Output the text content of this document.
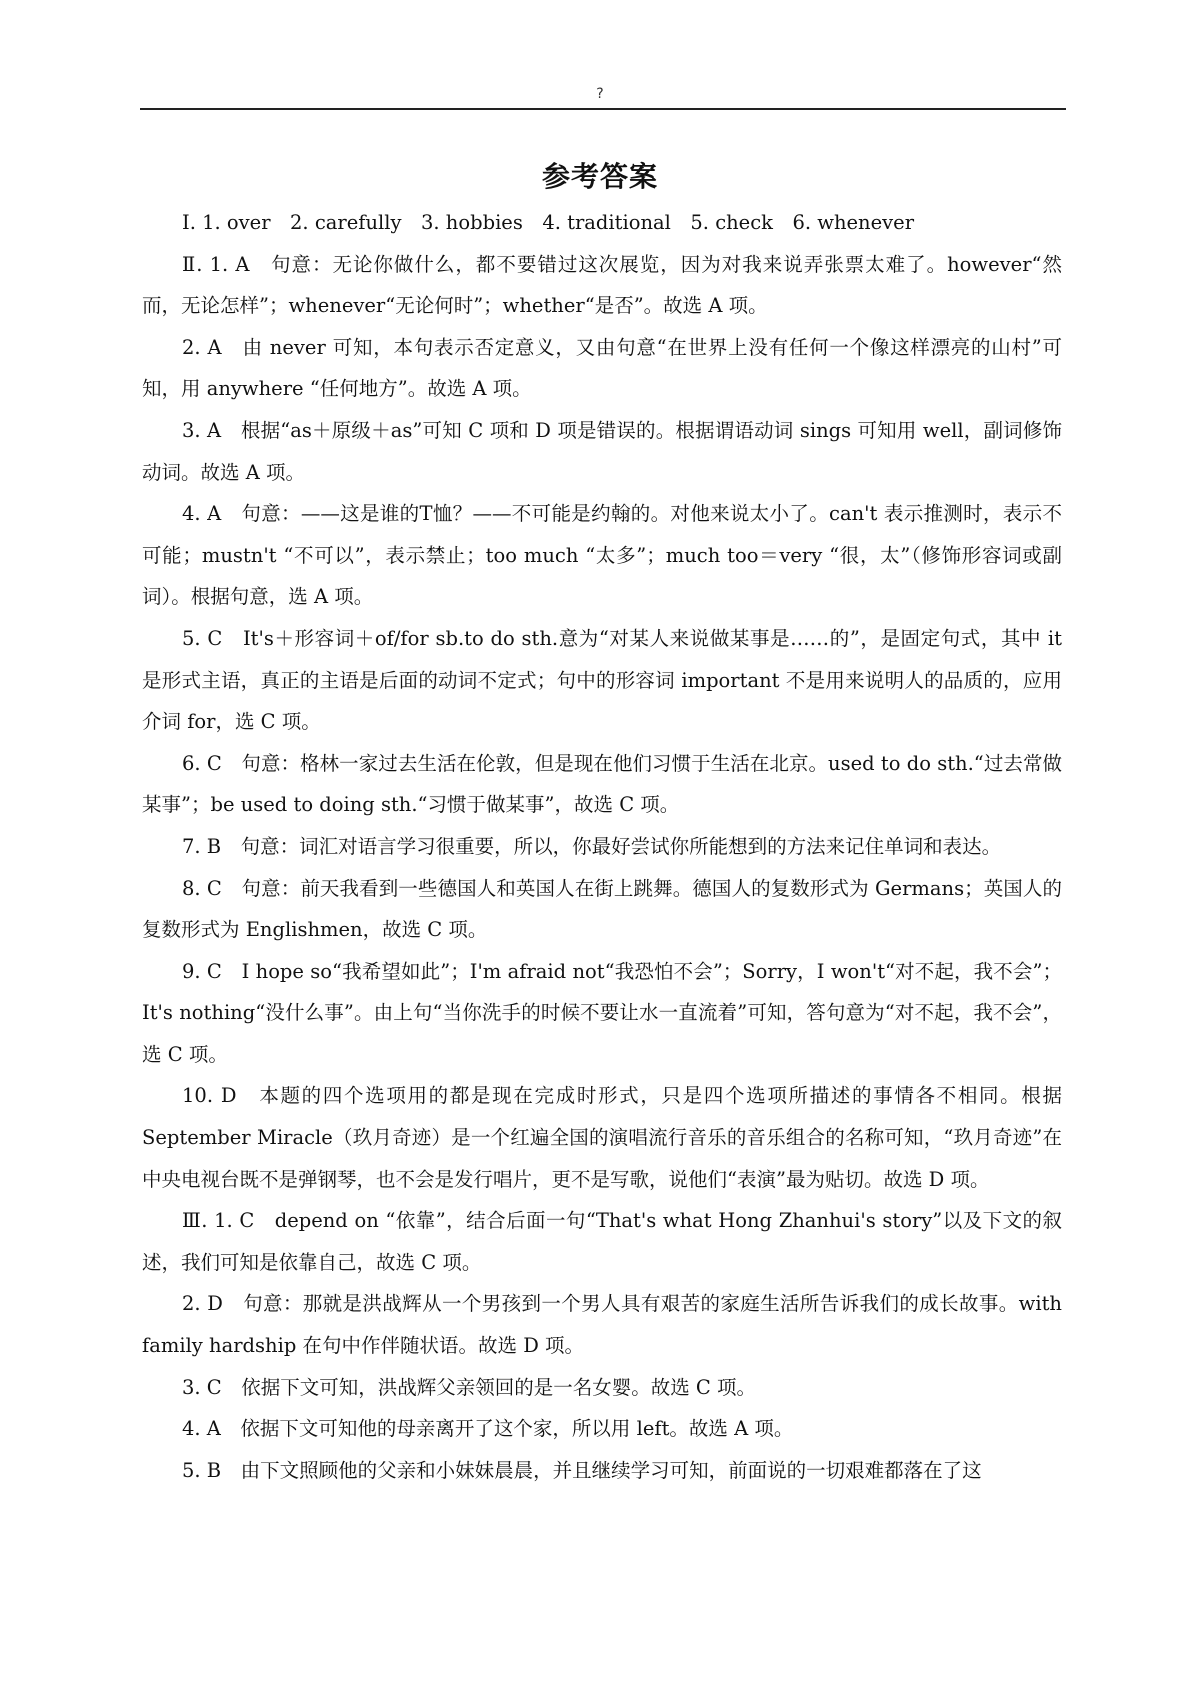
?
参考答案

Ⅰ. 1. over　2. carefully　3. hobbies　4. traditional　5. check　6. whenever

Ⅱ. 1. A　句意：无论你做什么，都不要错过这次展览，因为对我来说弄张票太难了。however“然而，无论怎样”；whenever“无论何时”；whether“是否”。故选 A 项。

2. A　由 never 可知，本句表示否定意义，又由句意“在世界上没有任何一个像这样漂亮的山村”可知，用 anywhere “任何地方”。故选 A 项。

3. A　根据“as＋原级＋as”可知 C 项和 D 项是错误的。根据谓语动词 sings 可知用 well，副词修饰动词。故选 A 项。

4. A　句意：——这是谁的T恤？——不可能是约翰的。对他来说太小了。can't 表示推测时，表示不可能；mustn't “不可以”，表示禁止；too much “太多”；much too＝very “很，太”（修饰形容词或副词）。根据句意，选 A 项。

5. C　It's＋形容词＋of/for sb.to do sth.意为“对某人来说做某事是……的”，是固定句式，其中 it 是形式主语，真正的主语是后面的动词不定式；句中的形容词 important 不是用来说明人的品质的，应用介词 for，选 C 项。

6. C　句意：格林一家过去生活在伦敦，但是现在他们习惯于生活在北京。used to do sth.“过去常做某事”；be used to doing sth.“习惯于做某事”，故选 C 项。

7. B　句意：词汇对语言学习很重要，所以，你最好尝试你所能想到的方法来记住单词和表达。

8. C　句意：前天我看到一些德国人和英国人在街上跳舞。德国人的复数形式为 Germans；英国人的复数形式为 Englishmen，故选 C 项。

9. C　I hope so“我希望如此”；I'm afraid not“我恐怕不会”；Sorry，I won't“对不起，我不会”；It's nothing“没什么事”。由上句“当你洗手的时候不要让水一直流着”可知，答句意为“对不起，我不会”，选 C 项。

10. D　本题的四个选项用的都是现在完成时形式，只是四个选项所描述的事情各不相同。根据 September Miracle（玖月奇迹）是一个红遍全国的演唱流行音乐的音乐组合的名称可知，“玖月奇迹”在中央电视台既不是弹钢琴，也不会是发行唱片，更不是写歌，说他们“表演”最为贴切。故选 D 项。

Ⅲ. 1. C　depend on “依靠”，结合后面一句“That's what Hong Zhanhui's story”以及下文的叙述，我们可知是依靠自己，故选 C 项。

2. D　句意：那就是洪战辉从一个男孩到一个男人具有艰苦的家庭生活所告诉我们的成长故事。with family hardship 在句中作伴随状语。故选 D 项。

3. C　依据下文可知，洪战辉父亲领回的是一名女婴。故选 C 项。

4. A　依据下文可知他的母亲离开了这个家，所以用 left。故选 A 项。

5. B　由下文照顾他的父亲和小妹妹晨晨，并且继续学习可知，前面说的一切艰难都落在了这
